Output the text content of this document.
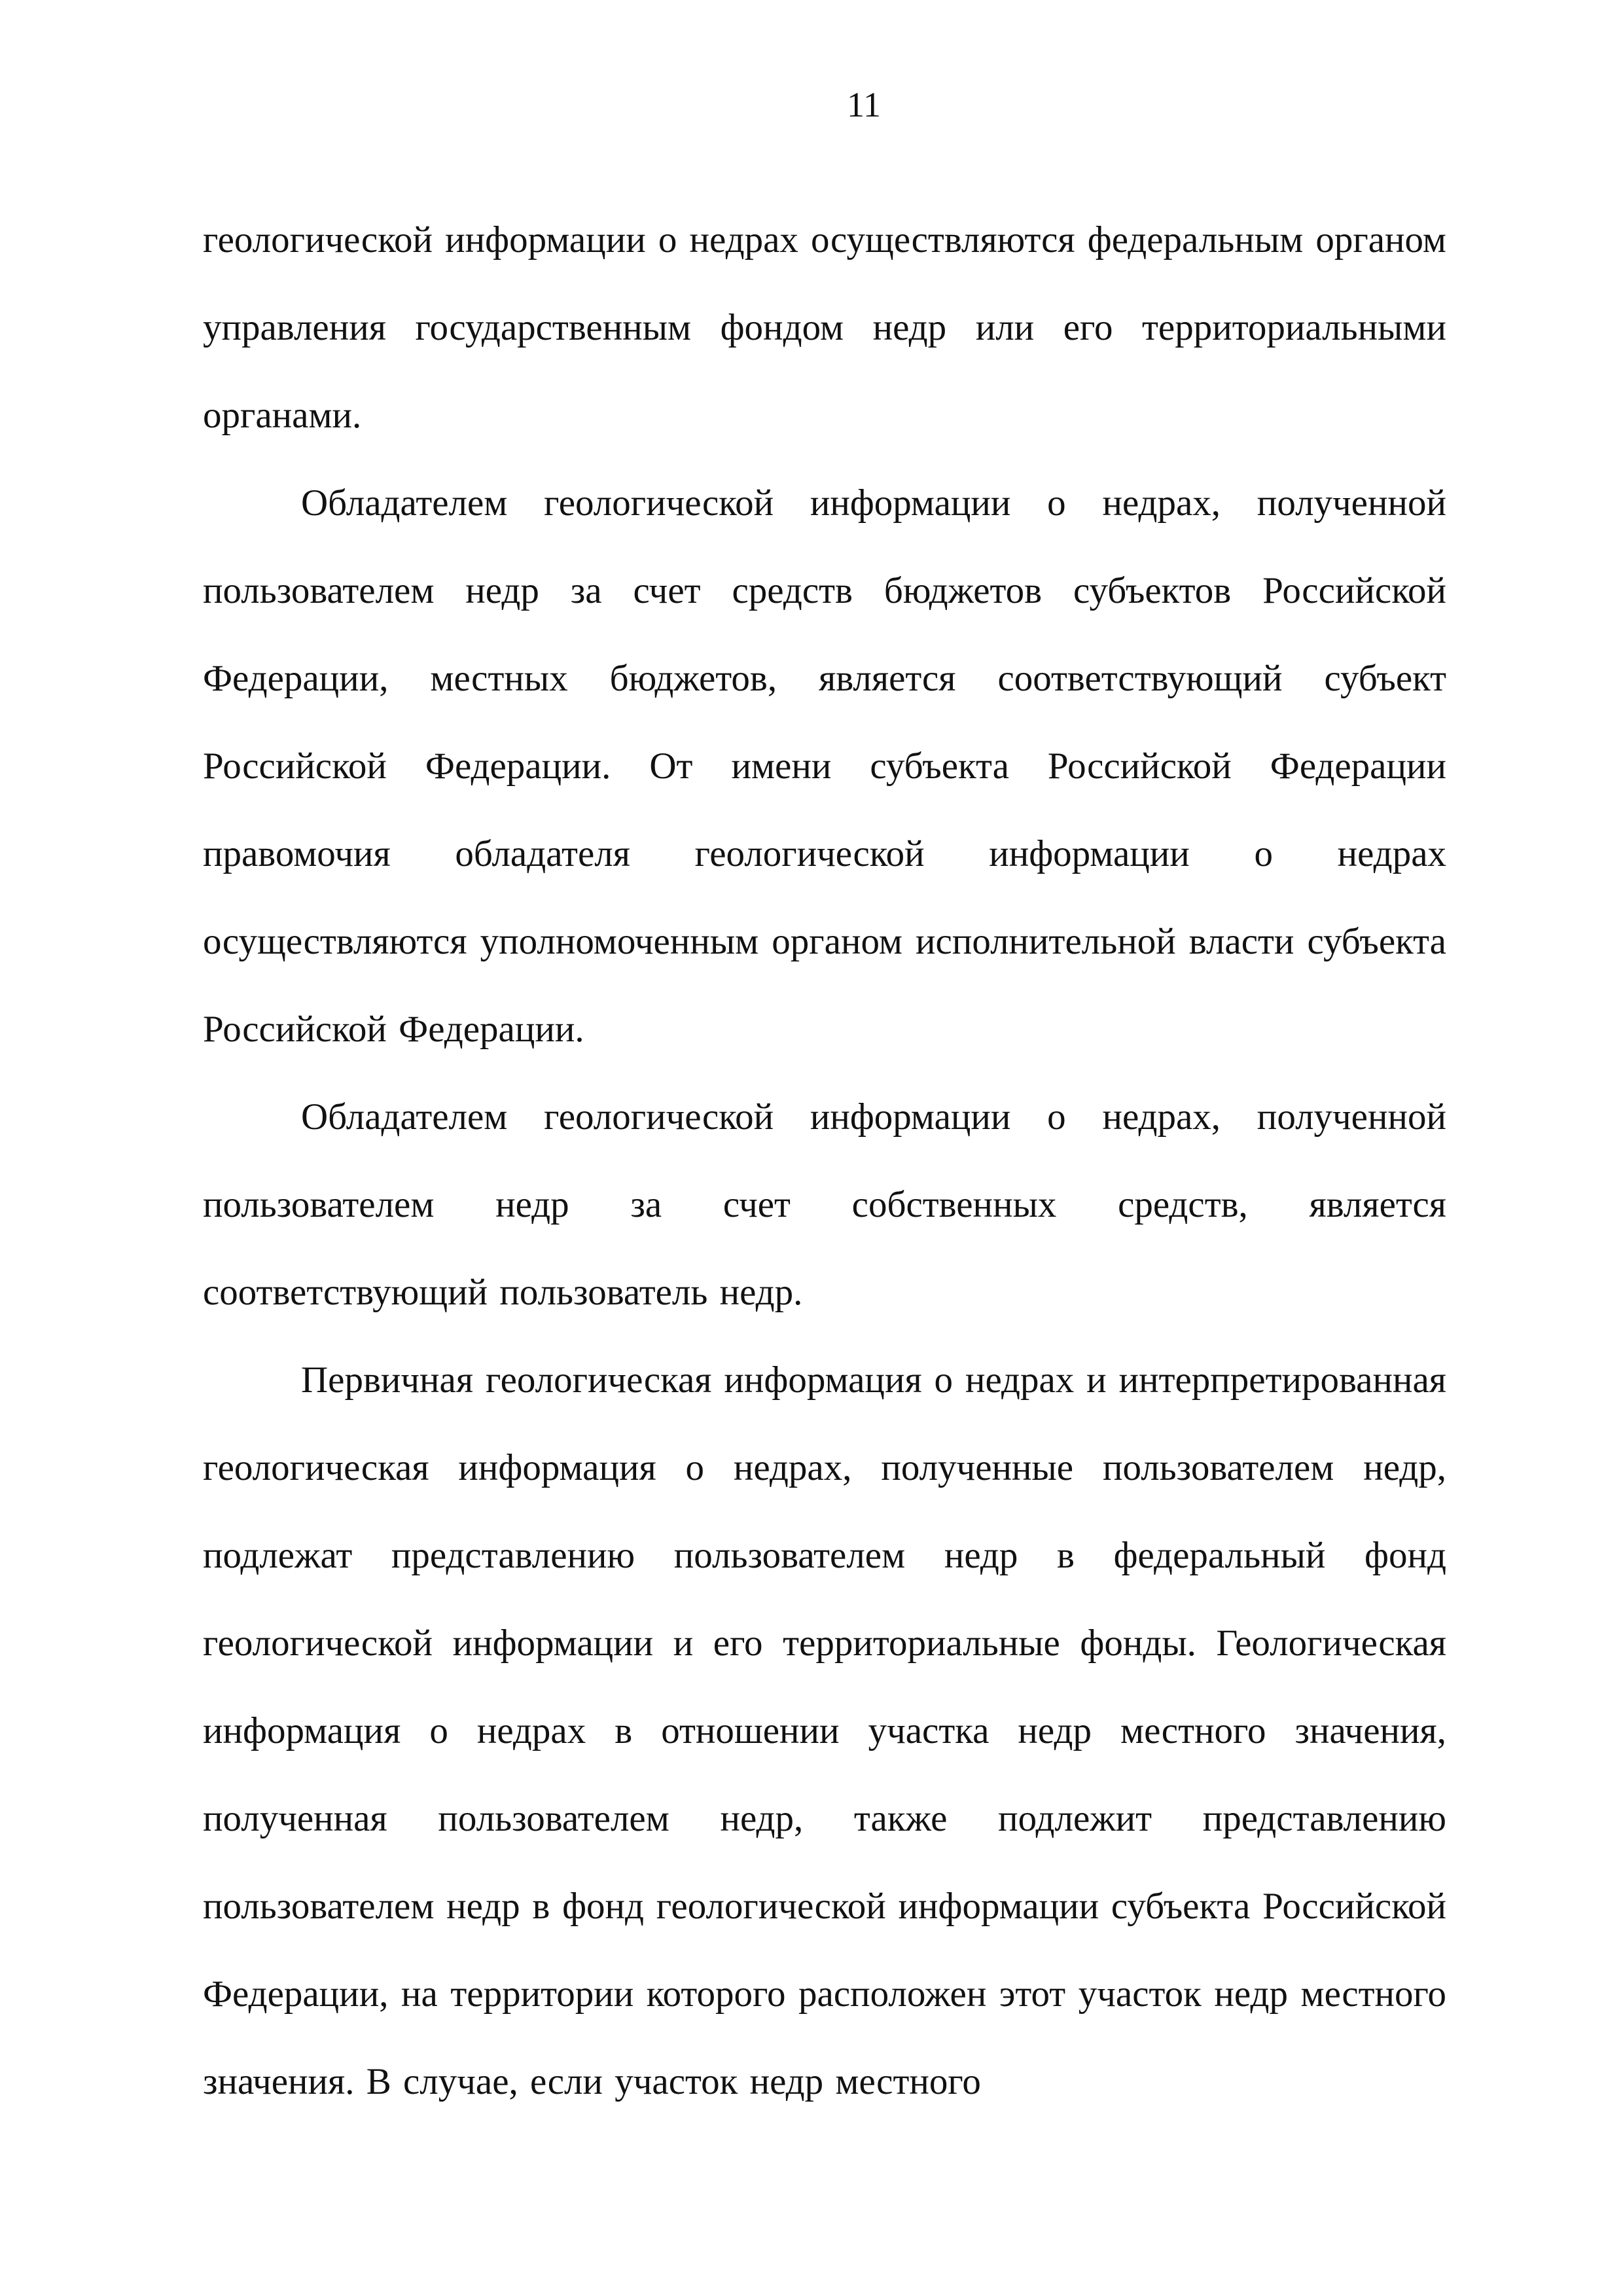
11

геологической информации о недрах осуществляются федеральным органом управления государственным фондом недр или его территориальными органами.

Обладателем геологической информации о недрах, полученной пользователем недр за счет средств бюджетов субъектов Российской Федерации, местных бюджетов, является соответствующий субъект Российской Федерации. От имени субъекта Российской Федерации правомочия обладателя геологической информации о недрах осуществляются уполномоченным органом исполнительной власти субъекта Российской Федерации.

Обладателем геологической информации о недрах, полученной пользователем недр за счет собственных средств, является соответствующий пользователь недр.

Первичная геологическая информация о недрах и интерпретированная геологическая информация о недрах, полученные пользователем недр, подлежат представлению пользователем недр в федеральный фонд геологической информации и его территориальные фонды. Геологическая информация о недрах в отношении участка недр местного значения, полученная пользователем недр, также подлежит представлению пользователем недр в фонд геологической информации субъекта Российской Федерации, на территории которого расположен этот участок недр местного значения. В случае, если участок недр местного
